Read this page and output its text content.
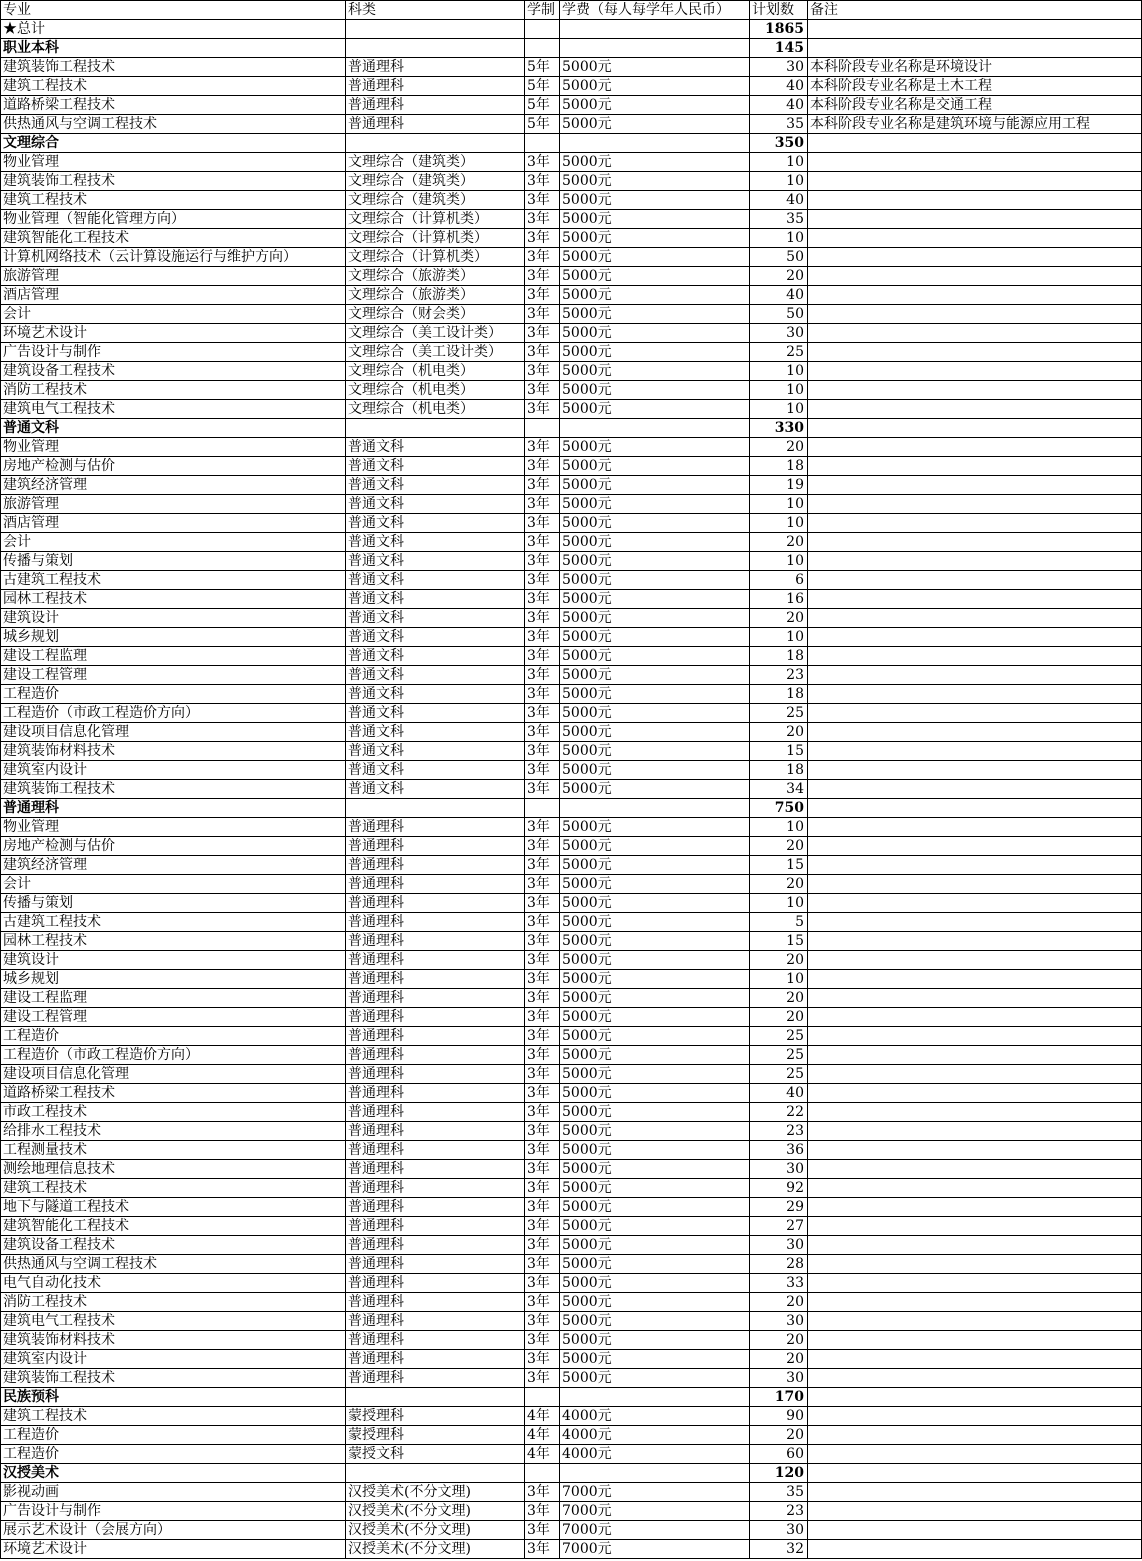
专业	科类	学制	学费（每人每学年人民币）	计划数	备注
★总计				1865	
职业本科				145	
建筑装饰工程技术	普通理科	5年	5000元	30	本科阶段专业名称是环境设计
建筑工程技术	普通理科	5年	5000元	40	本科阶段专业名称是土木工程
道路桥梁工程技术	普通理科	5年	5000元	40	本科阶段专业名称是交通工程
供热通风与空调工程技术	普通理科	5年	5000元	35	本科阶段专业名称是建筑环境与能源应用工程
文理综合				350	
物业管理	文理综合（建筑类）	3年	5000元	10	
建筑装饰工程技术	文理综合（建筑类）	3年	5000元	10	
建筑工程技术	文理综合（建筑类）	3年	5000元	40	
物业管理（智能化管理方向）	文理综合（计算机类）	3年	5000元	35	
建筑智能化工程技术	文理综合（计算机类）	3年	5000元	10	
计算机网络技术（云计算设施运行与维护方向）	文理综合（计算机类）	3年	5000元	50	
旅游管理	文理综合（旅游类）	3年	5000元	20	
酒店管理	文理综合（旅游类）	3年	5000元	40	
会计	文理综合（财会类）	3年	5000元	50	
环境艺术设计	文理综合（美工设计类）	3年	5000元	30	
广告设计与制作	文理综合（美工设计类）	3年	5000元	25	
建筑设备工程技术	文理综合（机电类）	3年	5000元	10	
消防工程技术	文理综合（机电类）	3年	5000元	10	
建筑电气工程技术	文理综合（机电类）	3年	5000元	10	
普通文科				330	
物业管理	普通文科	3年	5000元	20	
房地产检测与估价	普通文科	3年	5000元	18	
建筑经济管理	普通文科	3年	5000元	19	
旅游管理	普通文科	3年	5000元	10	
酒店管理	普通文科	3年	5000元	10	
会计	普通文科	3年	5000元	20	
传播与策划	普通文科	3年	5000元	10	
古建筑工程技术	普通文科	3年	5000元	6	
园林工程技术	普通文科	3年	5000元	16	
建筑设计	普通文科	3年	5000元	20	
城乡规划	普通文科	3年	5000元	10	
建设工程监理	普通文科	3年	5000元	18	
建设工程管理	普通文科	3年	5000元	23	
工程造价	普通文科	3年	5000元	18	
工程造价（市政工程造价方向）	普通文科	3年	5000元	25	
建设项目信息化管理	普通文科	3年	5000元	20	
建筑装饰材料技术	普通文科	3年	5000元	15	
建筑室内设计	普通文科	3年	5000元	18	
建筑装饰工程技术	普通文科	3年	5000元	34	
普通理科				750	
物业管理	普通理科	3年	5000元	10	
房地产检测与估价	普通理科	3年	5000元	20	
建筑经济管理	普通理科	3年	5000元	15	
会计	普通理科	3年	5000元	20	
传播与策划	普通理科	3年	5000元	10	
古建筑工程技术	普通理科	3年	5000元	5	
园林工程技术	普通理科	3年	5000元	15	
建筑设计	普通理科	3年	5000元	20	
城乡规划	普通理科	3年	5000元	10	
建设工程监理	普通理科	3年	5000元	20	
建设工程管理	普通理科	3年	5000元	20	
工程造价	普通理科	3年	5000元	25	
工程造价（市政工程造价方向）	普通理科	3年	5000元	25	
建设项目信息化管理	普通理科	3年	5000元	25	
道路桥梁工程技术	普通理科	3年	5000元	40	
市政工程技术	普通理科	3年	5000元	22	
给排水工程技术	普通理科	3年	5000元	23	
工程测量技术	普通理科	3年	5000元	36	
测绘地理信息技术	普通理科	3年	5000元	30	
建筑工程技术	普通理科	3年	5000元	92	
地下与隧道工程技术	普通理科	3年	5000元	29	
建筑智能化工程技术	普通理科	3年	5000元	27	
建筑设备工程技术	普通理科	3年	5000元	30	
供热通风与空调工程技术	普通理科	3年	5000元	28	
电气自动化技术	普通理科	3年	5000元	33	
消防工程技术	普通理科	3年	5000元	20	
建筑电气工程技术	普通理科	3年	5000元	30	
建筑装饰材料技术	普通理科	3年	5000元	20	
建筑室内设计	普通理科	3年	5000元	20	
建筑装饰工程技术	普通理科	3年	5000元	30	
民族预科				170	
建筑工程技术	蒙授理科	4年	4000元	90	
工程造价	蒙授理科	4年	4000元	20	
工程造价	蒙授文科	4年	4000元	60	
汉授美术				120	
影视动画	汉授美术(不分文理)	3年	7000元	35	
广告设计与制作	汉授美术(不分文理)	3年	7000元	23	
展示艺术设计（会展方向）	汉授美术(不分文理)	3年	7000元	30	
环境艺术设计	汉授美术(不分文理)	3年	7000元	32	
